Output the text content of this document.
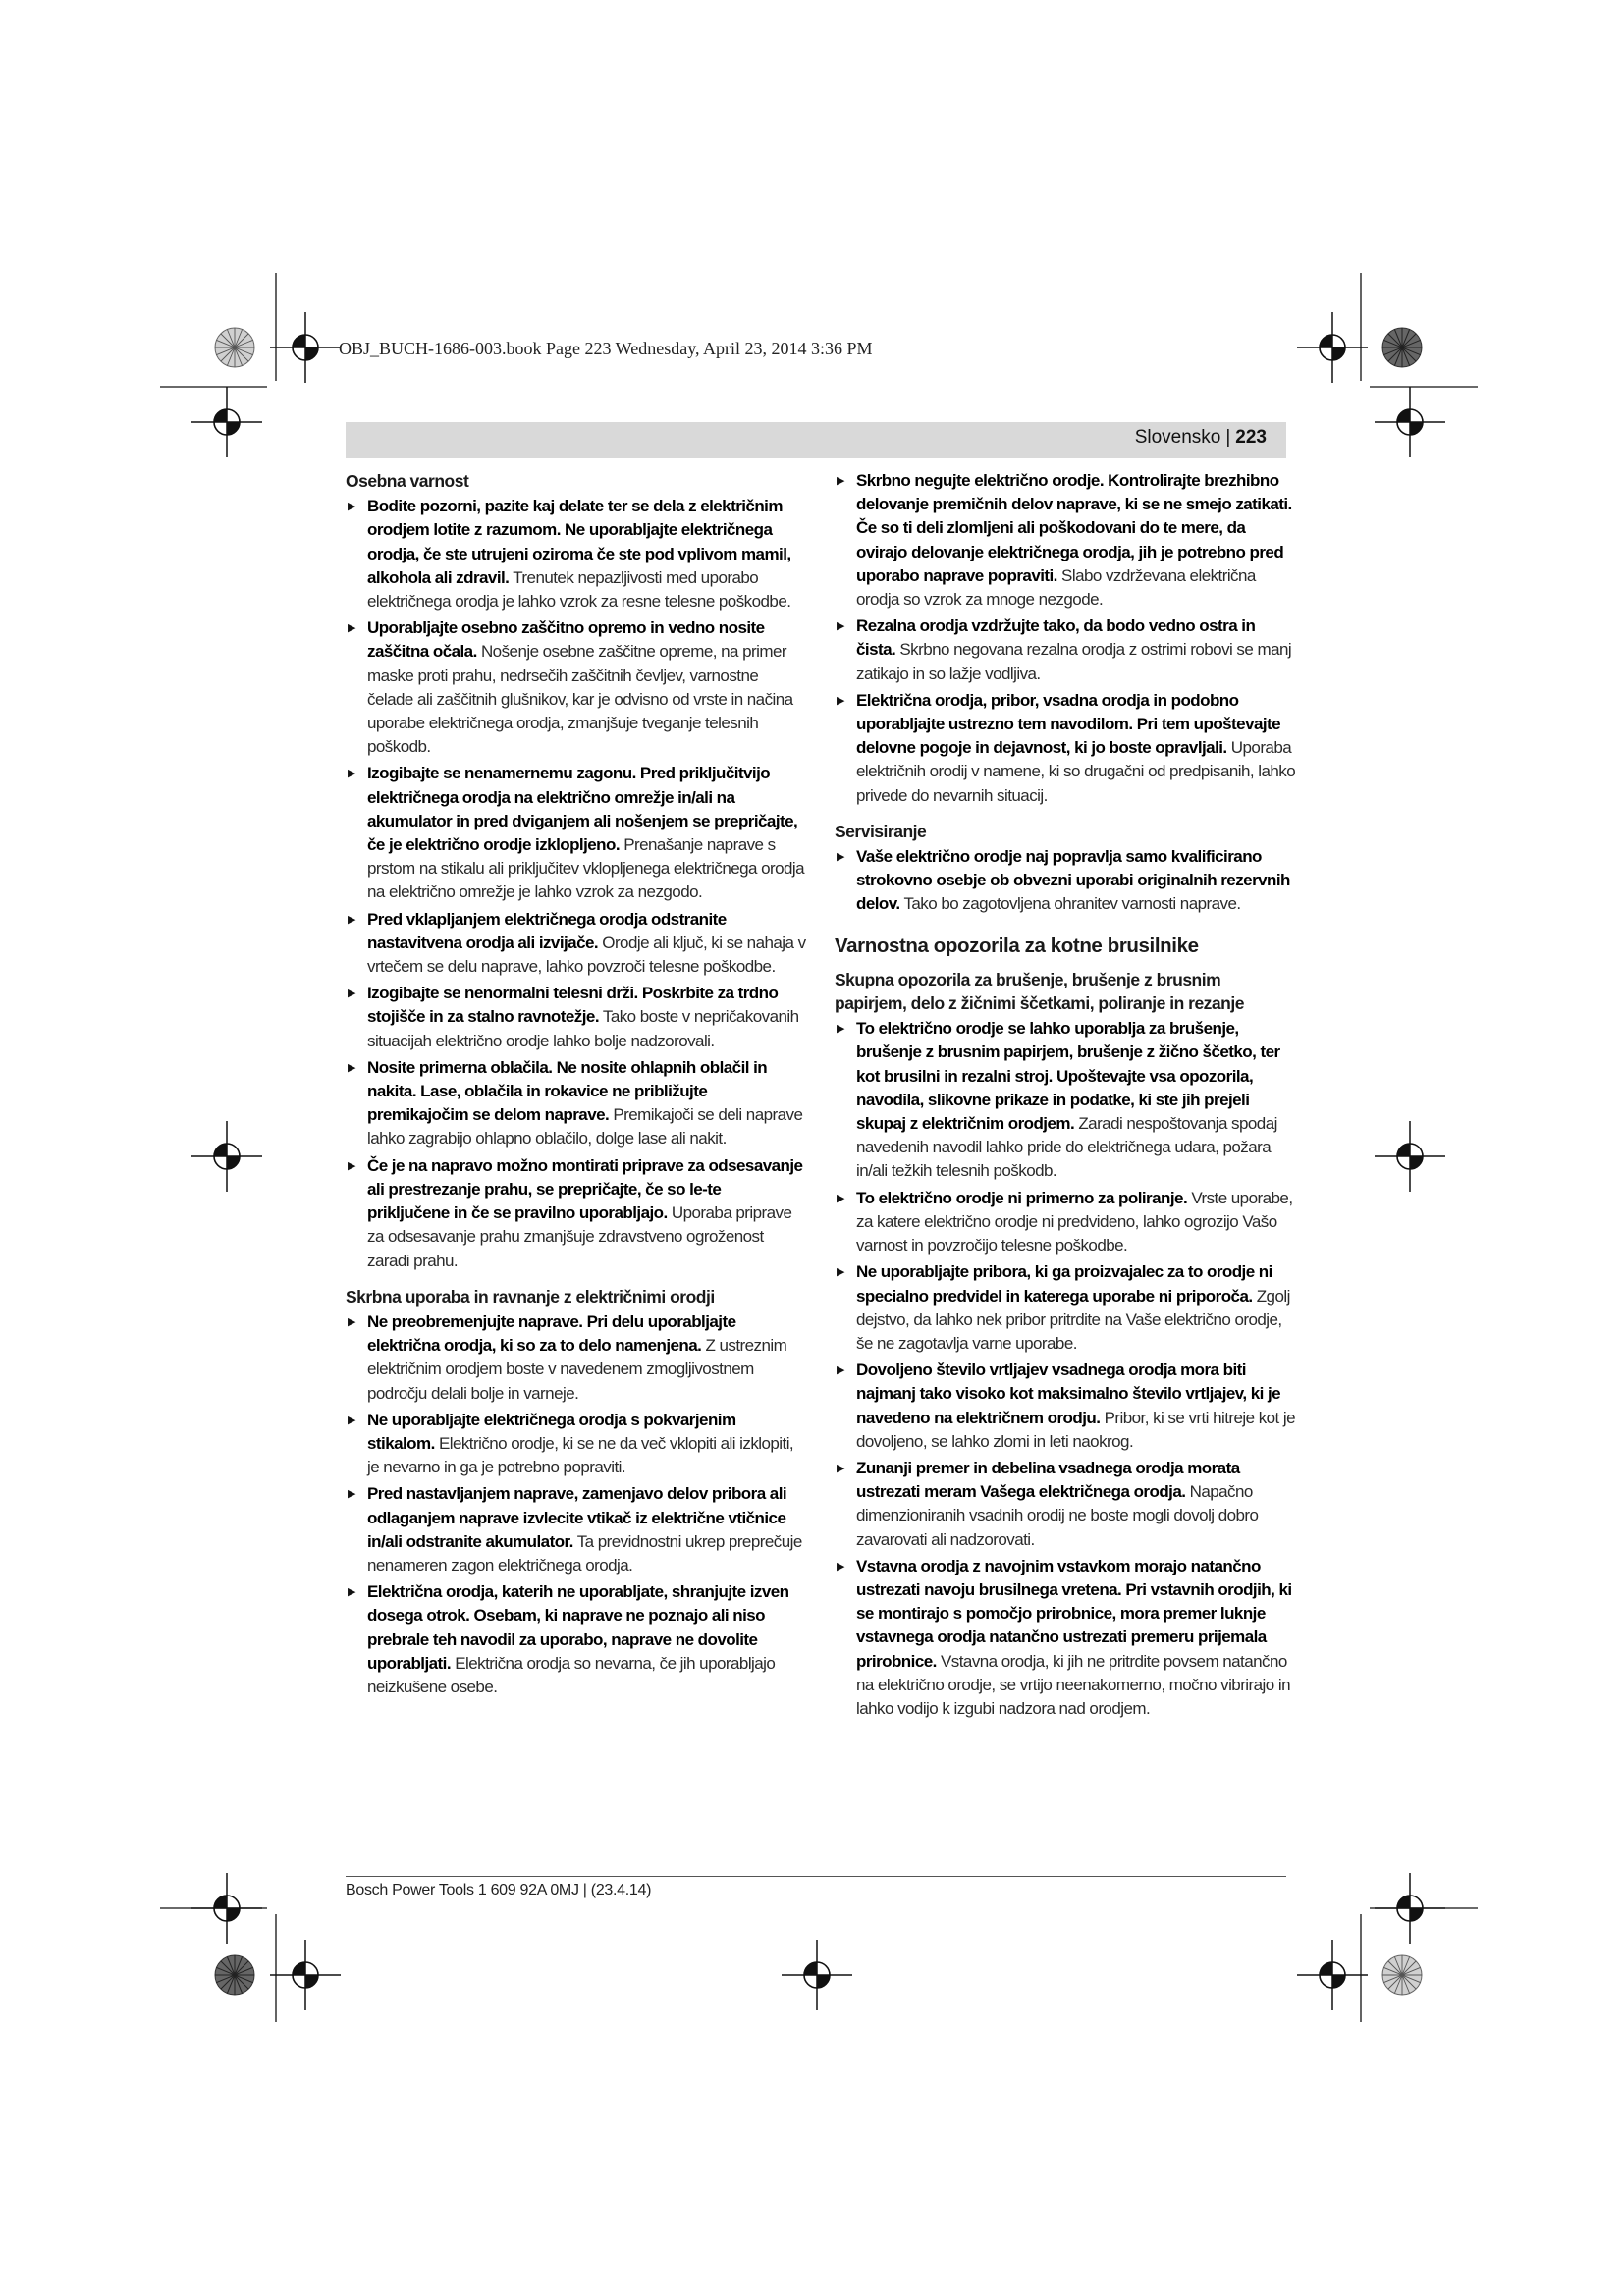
OBJ_BUCH-1686-003.book Page 223 Wednesday, April 23, 2014 3:36 PM
Slovensko | 223
Osebna varnost
▶ Bodite pozorni, pazite kaj delate ter se dela z električnim orodjem lotite z razumom. Ne uporabljajte električnega orodja, če ste utrujeni oziroma če ste pod vplivom mamil, alkohola ali zdravil. Trenutek nepazljivosti med uporabo električnega orodja je lahko vzrok za resne telesne poškodbe.
▶ Uporabljajte osebno zaščitno opremo in vedno nosite zaščitna očala. Nošenje osebne zaščitne opreme, na primer maske proti prahu, nedrsečih zaščitnih čevljev, varnostne čelade ali zaščitnih glušnikov, kar je odvisno od vrste in načina uporabe električnega orodja, zmanjšuje tveganje telesnih poškodb.
▶ Izogibajte se nenamernemu zagonu. Pred priključitvijo električnega orodja na električno omrežje in/ali na akumulator in pred dviganjem ali nošenjem se prepričajte, če je električno orodje izklopljeno. Prenašanje naprave s prstom na stikalu ali priključitev vklopljenega električnega orodja na električno omrežje je lahko vzrok za nezgodo.
▶ Pred vklapljanjem električnega orodja odstranite nastavitvena orodja ali izvijače. Orodje ali ključ, ki se nahaja v vrtečem se delu naprave, lahko povzroči telesne poškodbe.
▶ Izogibajte se nenormalni telesni drži. Poskrbite za trdno stojišče in za stalno ravnotežje. Tako boste v nepričakovanih situacijah električno orodje lahko bolje nadzorovali.
▶ Nosite primerna oblačila. Ne nosite ohlapnih oblačil in nakita. Lase, oblačila in rokavice ne približujte premikajočim se delom naprave. Premikajoči se deli naprave lahko zagrabijo ohlapno oblačilo, dolge lase ali nakit.
▶ Če je na napravo možno montirati priprave za odsesavanje ali prestrezanje prahu, se prepričajte, če so le-te priključene in če se pravilno uporabljajo. Uporaba priprave za odsesavanje prahu zmanjšuje zdravstveno ogroženost zaradi prahu.
Skrbna uporaba in ravnanje z električnimi orodji
▶ Ne preobremenjujte naprave. Pri delu uporabljajte električna orodja, ki so za to delo namenjena. Z ustreznim električnim orodjem boste v navedenem zmogljivostnem področju delali bolje in varneje.
▶ Ne uporabljajte električnega orodja s pokvarjenim stikalom. Električno orodje, ki se ne da več vklopiti ali izklopiti, je nevarno in ga je potrebno popraviti.
▶ Pred nastavljanjem naprave, zamenjavo delov pribora ali odlaganjem naprave izvlecite vtikač iz električne vtičnice in/ali odstranite akumulator. Ta previdnostni ukrep preprečuje nenameren zagon električnega orodja.
▶ Električna orodja, katerih ne uporabljate, shranjujte izven dosega otrok. Osebam, ki naprave ne poznajo ali niso prebrale teh navodil za uporabo, naprave ne dovolite uporabljati. Električna orodja so nevarna, če jih uporabljajo neizkušene osebe.
▶ Skrbno negujte električno orodje. Kontrolirajte brezhibno delovanje premičnih delov naprave, ki se ne smejo zatikati. Če so ti deli zlomljeni ali poškodovani do te mere, da ovirajo delovanje električnega orodja, jih je potrebno pred uporabo naprave popraviti. Slabo vzdrževana električna orodja so vzrok za mnoge nezgode.
▶ Rezalna orodja vzdržujte tako, da bodo vedno ostra in čista. Skrbno negovana rezalna orodja z ostrimi robovi se manj zatikajo in so lažje vodljiva.
▶ Električna orodja, pribor, vsadna orodja in podobno uporabljajte ustrezno tem navodilom. Pri tem upoštevajte delovne pogoje in dejavnost, ki jo boste opravljali. Uporaba električnih orodij v namene, ki so drugačni od predpisanih, lahko privede do nevarnih situacij.
Servisiranje
▶ Vaše električno orodje naj popravlja samo kvalificirano strokovno osebje ob obvezni uporabi originalnih rezervnih delov. Tako bo zagotovljena ohranitev varnosti naprave.
Varnostna opozorila za kotne brusilnike
Skupna opozorila za brušenje, brušenje z brusnim papirjem, delo z žičnimi ščetkami, poliranje in rezanje
▶ To električno orodje se lahko uporablja za brušenje, brušenje z brusnim papirjem, brušenje z žično ščetko, ter kot brusilni in rezalni stroj. Upoštevajte vsa opozorila, navodila, slikovne prikaze in podatke, ki ste jih prejeli skupaj z električnim orodjem. Zaradi nespoštovanja spodaj navedenih navodil lahko pride do električnega udara, požara in/ali težkih telesnih poškodb.
▶ To električno orodje ni primerno za poliranje. Vrste uporabe, za katere električno orodje ni predvideno, lahko ogrozijo Vašo varnost in povzročijo telesne poškodbe.
▶ Ne uporabljajte pribora, ki ga proizvajalec za to orodje ni specialno predvidel in katerega uporabe ni priporoča. Zgolj dejstvo, da lahko nek pribor pritrdite na Vaše električno orodje, še ne zagotavlja varne uporabe.
▶ Dovoljeno število vrtljajev vsadnega orodja mora biti najmanj tako visoko kot maksimalno število vrtljajev, ki je navedeno na električnem orodju. Pribor, ki se vrti hitreje kot je dovoljeno, se lahko zlomi in leti naokrog.
▶ Zunanji premer in debelina vsadnega orodja morata ustrezati meram Vašega električnega orodja. Napačno dimenzioniranih vsadnih orodij ne boste mogli dovolj dobro zavarovati ali nadzorovati.
▶ Vstavna orodja z navojnim vstavkom morajo natančno ustrezati navoju brusilnega vretena. Pri vstavnih orodjih, ki se montirajo s pomočjo prirobnice, mora premer luknje vstavnega orodja natančno ustrezati premeru prijemala prirobnice. Vstavna orodja, ki jih ne pritrdite povsem natančno na električno orodje, se vrtijo neenakomerno, močno vibrirajo in lahko vodijo k izgubi nadzora nad orodjem.
Bosch Power Tools 1 609 92A 0MJ | (23.4.14)
